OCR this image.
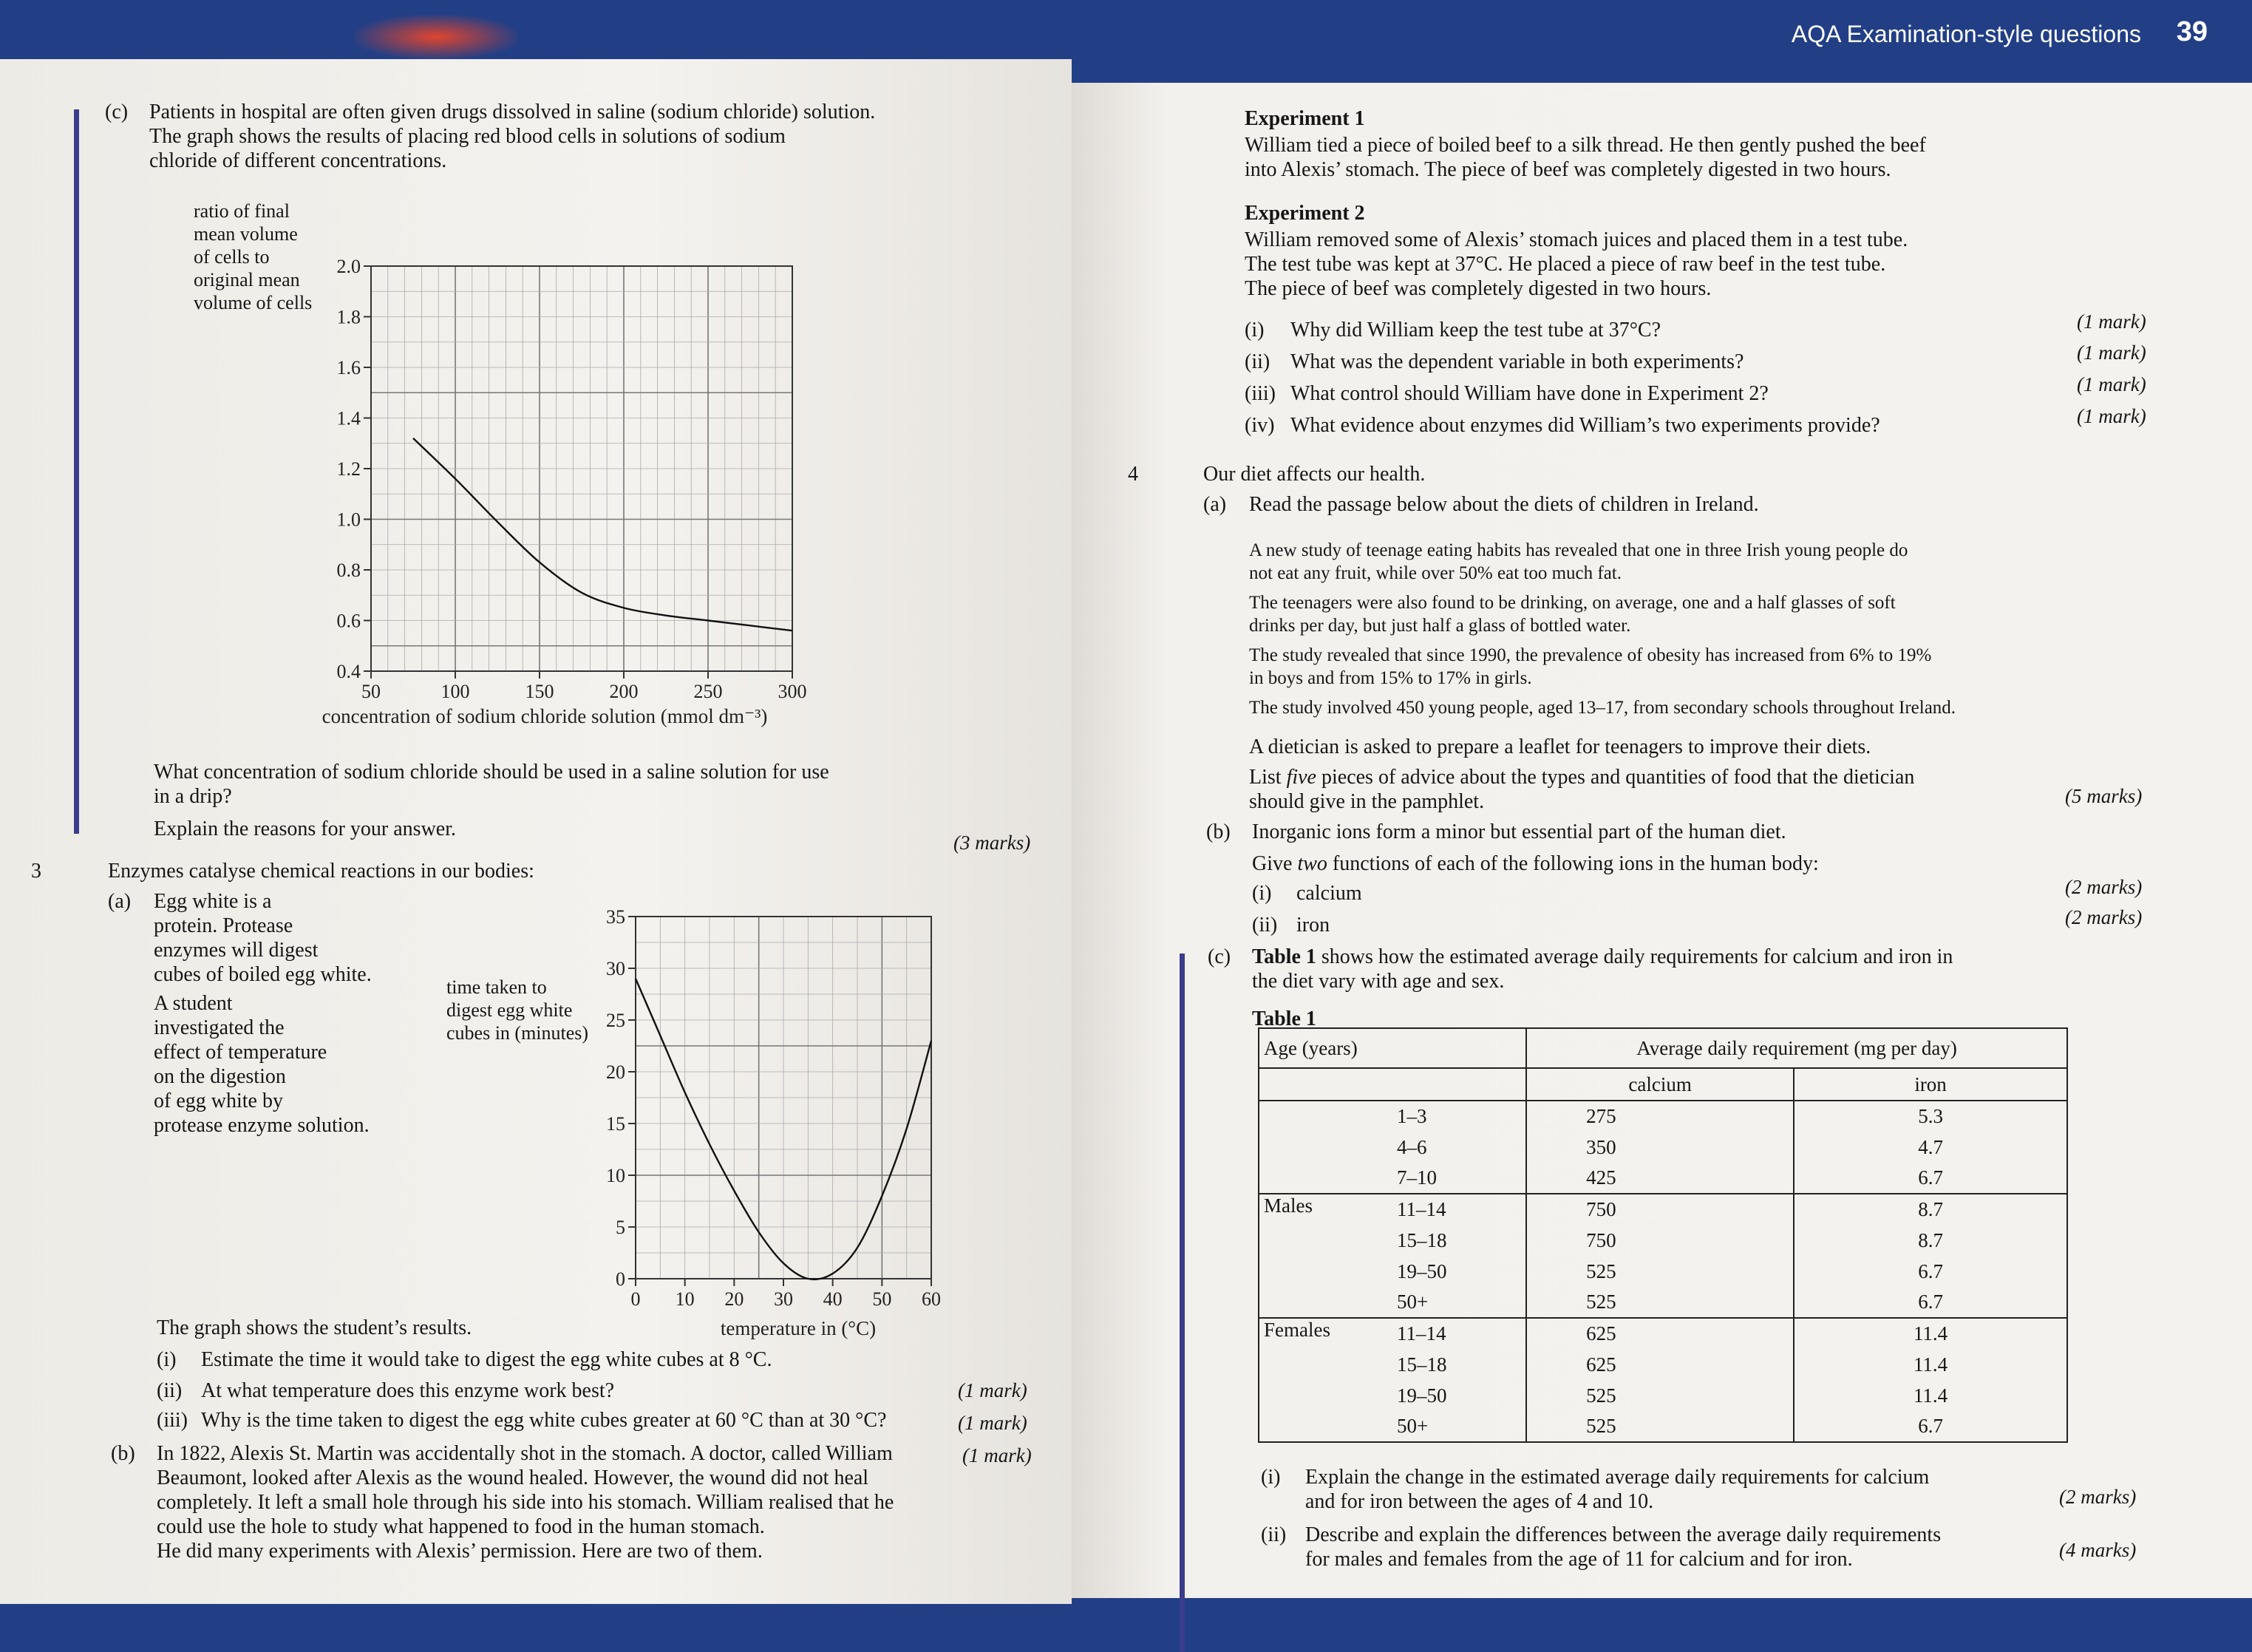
AQA Examination-style questions 39
(c) Patients in hospital are often given drugs dissolved in saline (sodium chloride) solution.
The graph shows the results of placing red blood cells in solutions of sodium
chloride of different concentrations.
ratio of final
mean volume
of cells to
original mean
volume of cells
50	100	150	200	250	300
0.4
0.6
0.8
1.0
1.2
1.4
1.6
1.8
2.0
concentration of sodium chloride solution (mmol dm⁻³)
What concentration of sodium chloride should be used in a saline solution for use
in a drip?
Explain the reasons for your answer.
(3 marks)
3	Enzymes catalyse chemical reactions in our bodies:
(a) Egg white is a
protein. Protease
enzymes will digest
cubes of boiled egg white.
A student
investigated the
effect of temperature
on the digestion
of egg white by
protease enzyme solution.
time taken to
digest egg white
cubes in (minutes)
0 10 20 30 40 50 60
0
5
10
15
20
25
30
35
temperature in (°C)
The graph shows the student’s results.
(i) Estimate the time it would take to digest the egg white cubes at 8 °C.
(1 mark)
(ii) At what temperature does this enzyme work best?
(1 mark)
(iii) Why is the time taken to digest the egg white cubes greater at 60 °C than at 30 °C?
(1 mark)
(b) In 1822, Alexis St. Martin was accidentally shot in the stomach. A doctor, called William
Beaumont, looked after Alexis as the wound healed. However, the wound did not heal
completely. It left a small hole through his side into his stomach. William realised that he
could use the hole to study what happened to food in the human stomach.
He did many experiments with Alexis’ permission. Here are two of them.
Experiment 1
William tied a piece of boiled beef to a silk thread. He then gently pushed the beef
into Alexis’ stomach. The piece of beef was completely digested in two hours.
Experiment 2
William removed some of Alexis’ stomach juices and placed them in a test tube.
The test tube was kept at 37°C. He placed a piece of raw beef in the test tube.
The piece of beef was completely digested in two hours.
(i) Why did William keep the test tube at 37°C?	(1 mark)
(ii) What was the dependent variable in both experiments?	(1 mark)
(iii) What control should William have done in Experiment 2?	(1 mark)
(iv) What evidence about enzymes did William’s two experiments provide?	(1 mark)
4	Our diet affects our health.
(a) Read the passage below about the diets of children in Ireland.
A new study of teenage eating habits has revealed that one in three Irish young people do
not eat any fruit, while over 50% eat too much fat.
The teenagers were also found to be drinking, on average, one and a half glasses of soft
drinks per day, but just half a glass of bottled water.
The study revealed that since 1990, the prevalence of obesity has increased from 6% to 19%
in boys and from 15% to 17% in girls.
The study involved 450 young people, aged 13–17, from secondary schools throughout Ireland.
A dietician is asked to prepare a leaflet for teenagers to improve their diets.
List five pieces of advice about the types and quantities of food that the dietician
should give in the pamphlet.	(5 marks)
(b) Inorganic ions form a minor but essential part of the human diet.
Give two functions of each of the following ions in the human body:
(i) calcium	(2 marks)
(ii) iron	(2 marks)
(c) Table 1 shows how the estimated average daily requirements for calcium and iron in
the diet vary with age and sex.
Table 1
Age (years)		Average daily requirement (mg per day)	
		calcium	iron
	1–3	275	5.3
	4–6	350	4.7
	7–10	425	6.7
Males	11–14	750	8.7
	15–18	750	8.7
	19–50	525	6.7
	50+	525	6.7
Females	11–14	625	11.4
	15–18	625	11.4
	19–50	525	11.4
	50+	525	6.7
(i) Explain the change in the estimated average daily requirements for calcium
and for iron between the ages of 4 and 10.	(2 marks)
(ii) Describe and explain the differences between the average daily requirements
for males and females from the age of 11 for calcium and for iron.	(4 marks)
